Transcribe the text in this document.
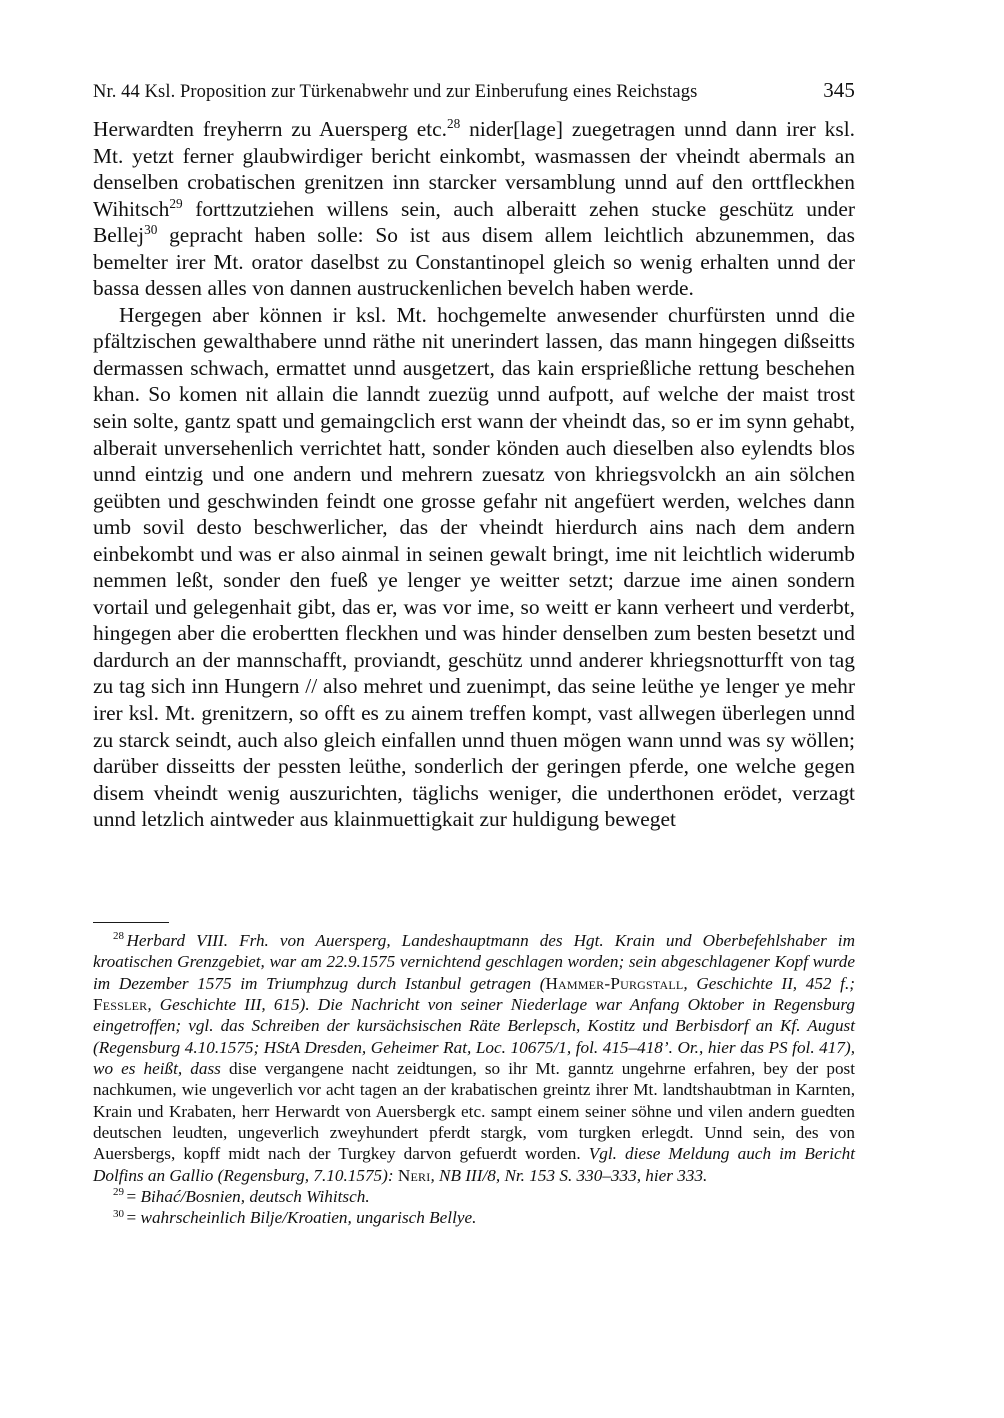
Nr. 44 Ksl. Proposition zur Türkenabwehr und zur Einberufung eines Reichstags	345

Herwardten freyherrn zu Auersperg etc.$^{28}$ nider[lage] zuegetragen unnd dann irer ksl. Mt. yetzt ferner glaubwirdiger bericht einkombt, wasmassen der vheindt abermals an denselben crobatischen grenitzen inn starcker versamblung unnd auf den orttfleckhen Wihitsch$^{29}$ forttzutziehen willens sein, auch alberaitt zehen stucke geschütz under Bellej$^{30}$ gepracht haben solle: So ist aus disem allem leichtlich abzunemmen, das bemelter irer Mt. orator daselbst zu Constantinopel gleich so wenig erhalten unnd der bassa dessen alles von dannen austruckenlichen bevelch haben werde.

Hergegen aber können ir ksl. Mt. hochgemelte anwesender churfürsten unnd die pfältzischen gewalthabere unnd räthe nit unerindert lassen, das mann hingegen dißseitts dermassen schwach, ermattet unnd ausgetzert, das kain ersprießliche rettung beschehen khan. So komen nit allain die lanndt zuezüg unnd aufpott, auf welche der maist trost sein solte, gantz spatt und gemaingclich erst wann der vheindt das, so er im synn gehabt, alberait unversehenlich verrichtet hatt, sonder könden auch dieselben also eylendts blos unnd eintzig und one andern und mehrern zuesatz von khriegsvolckh an ain sölchen geübten und geschwinden feindt one grosse gefahr nit angefüert werden, welches dann umb sovil desto beschwerlicher, das der vheindt hierdurch ains nach dem andern einbekombt und was er also ainmal in seinen gewalt bringt, ime nit leichtlich widerumb nemmen leßt, sonder den fueß ye lenger ye weitter setzt; darzue ime ainen sondern vortail und gelegenhait gibt, das er, was vor ime, so weitt er kann verheert und verderbt, hingegen aber die erobertten fleckhen und was hinder denselben zum besten besetzt und dardurch an der mannschafft, proviandt, geschütz unnd anderer khriegsnotturfft von tag zu tag sich inn Hungern // also mehret und zuenimpt, das seine leüthe ye lenger ye mehr irer ksl. Mt. grenitzern, so offt es zu ainem treffen kompt, vast allwegen überlegen unnd zu starck seindt, auch also gleich einfallen unnd thuen mögen wann unnd was sy wöllen; darüber disseitts der pessten leüthe, sonderlich der geringen pferde, one welche gegen disem vheindt wenig auszurichten, täglichs weniger, die underthonen erödet, verzagt unnd letzlich aintweder aus klainmuettigkait zur huldigung beweget

$^{28}$ Herbard VIII. Frh. von Auersperg, Landeshauptmann des Hgt. Krain und Oberbefehlshaber im kroatischen Grenzgebiet, war am 22.9.1575 vernichtend geschlagen worden; sein abgeschlagener Kopf wurde im Dezember 1575 im Triumphzug durch Istanbul getragen (Hammer-Purgstall, Geschichte II, 452 f.; Fessler, Geschichte III, 615). Die Nachricht von seiner Niederlage war Anfang Oktober in Regensburg eingetroffen; vgl. das Schreiben der kursächsischen Räte Berlepsch, Kostitz und Berbisdorf an Kf. August (Regensburg 4.10.1575; HStA Dresden, Geheimer Rat, Loc. 10675/1, fol. 415–418’. Or., hier das PS fol. 417), wo es heißt, dass dise vergangene nacht zeidtungen, so ihr Mt. ganntz ungehrne erfahren, bey der post nachkumen, wie ungeverlich vor acht tagen an der krabatischen greintz ihrer Mt. landtshaubtman in Karnten, Krain und Krabaten, herr Herwardt von Auersbergk etc. sampt einem seiner söhne und vilen andern guedten deutschen leudten, ungeverlich zweyhundert pferdt stargk, vom turgken erlegdt. Unnd sein, des von Auersbergs, kopff midt nach der Turgkey darvon gefuerdt worden. Vgl. diese Meldung auch im Bericht Dolfins an Gallio (Regensburg, 7.10.1575): Neri, NB III/8, Nr. 153 S. 330–333, hier 333.

$^{29}$ = Bihać/Bosnien, deutsch Wihitsch.

$^{30}$ = wahrscheinlich Bilje/Kroatien, ungarisch Bellye.
